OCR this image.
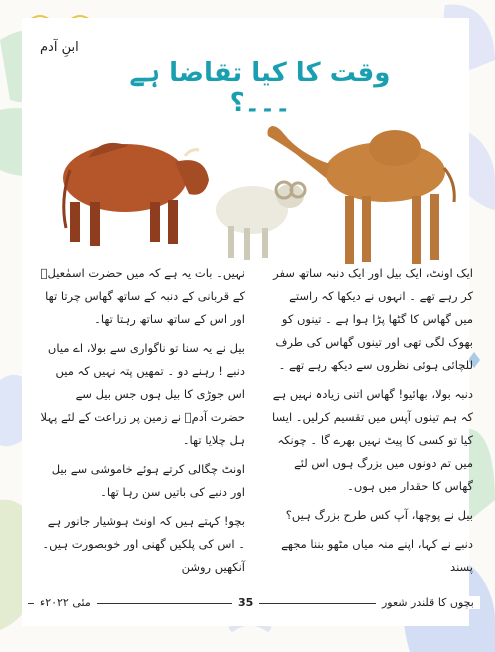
ابنِ آدم
وقت کا کیا تقاضا ہے ۔۔۔؟

ایک اونٹ، ایک بیل اور ایک دنبہ ساتھ سفر کر رہے تھے ۔ انہوں نے دیکھا کہ راستے میں گھاس کا گٹھا پڑا ہوا ہے ۔ تینوں کو بھوک لگی تھی اور تینوں گھاس کی طرف للچائی ہوئی نظروں سے دیکھ رہے تھے ۔

دنبہ بولا، بھائیو! گھاس اتنی زیادہ نہیں ہے کہ ہم تینوں آپس میں تقسیم کرلیں۔ ایسا کیا تو کسی کا پیٹ نہیں بھرے گا ۔ چونکہ میں تم دونوں میں بزرگ ہوں اس لئے گھاس کا حقدار میں ہوں۔

بیل نے پوچھا، آپ کس طرح بزرگ ہیں؟

دنبے نے کہا، اپنے منہ میاں مٹھو بننا مجھے پسند

نہیں۔ بات یہ ہے کہ میں حضرت اسمٰعیلؑ کے قربانی کے دنبہ کے ساتھ گھاس چرتا تھا اور اس کے ساتھ ساتھ رہتا تھا۔

بیل نے یہ سنا تو ناگواری سے بولا، اے میاں دنبے ! رہنے دو ۔ تمھیں پتہ نہیں کہ میں اس جوڑی کا بیل ہوں جس بیل سے حضرت آدمؑ نے زمین پر زراعت کے لئے پہلا ہل چلایا تھا۔

اونٹ چگالی کرتے ہوئے خاموشی سے بیل اور دنبے کی باتیں سن رہا تھا۔

بچو! کہتے ہیں کہ اونٹ ہوشیار جانور ہے ۔ اس کی پلکیں گھنی اور خوبصورت ہیں۔ آنکھیں روشن

مئی ۲۰۲۲ء	35	بچوں کا قلندر شعور
